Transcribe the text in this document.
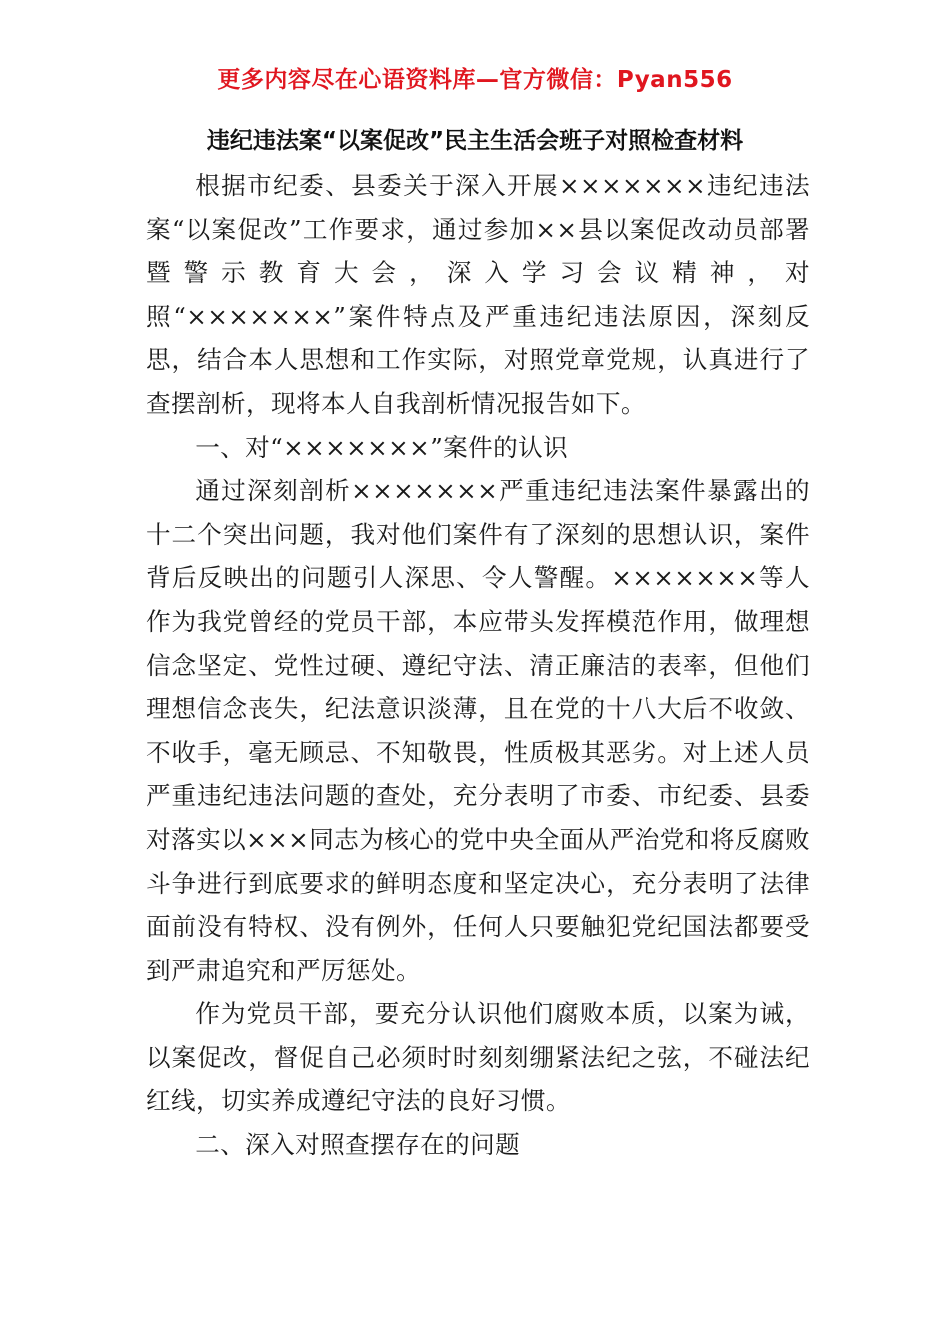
更多内容尽在心语资料库—官方微信：Pyan556
违纪违法案“以案促改”民主生活会班子对照检查材料

根据市纪委、县委关于深入开展×××××××违纪违法案“以案促改”工作要求，通过参加××县以案促改动员部署暨警示教育大会，深入学习会议精神，对照“×××××××”案件特点及严重违纪违法原因，深刻反思，结合本人思想和工作实际，对照党章党规，认真进行了查摆剖析，现将本人自我剖析情况报告如下。

一、对“×××××××”案件的认识

通过深刻剖析×××××××严重违纪违法案件暴露出的十二个突出问题，我对他们案件有了深刻的思想认识，案件背后反映出的问题引人深思、令人警醒。×××××××等人作为我党曾经的党员干部，本应带头发挥模范作用，做理想信念坚定、党性过硬、遵纪守法、清正廉洁的表率，但他们理想信念丧失，纪法意识淡薄，且在党的十八大后不收敛、不收手，毫无顾忌、不知敬畏，性质极其恶劣。对上述人员严重违纪违法问题的查处，充分表明了市委、市纪委、县委对落实以×××同志为核心的党中央全面从严治党和将反腐败斗争进行到底要求的鲜明态度和坚定决心，充分表明了法律面前没有特权、没有例外，任何人只要触犯党纪国法都要受到严肃追究和严厉惩处。

作为党员干部，要充分认识他们腐败本质，以案为诫，以案促改，督促自己必须时时刻刻绷紧法纪之弦，不碰法纪红线，切实养成遵纪守法的良好习惯。

二、深入对照查摆存在的问题
